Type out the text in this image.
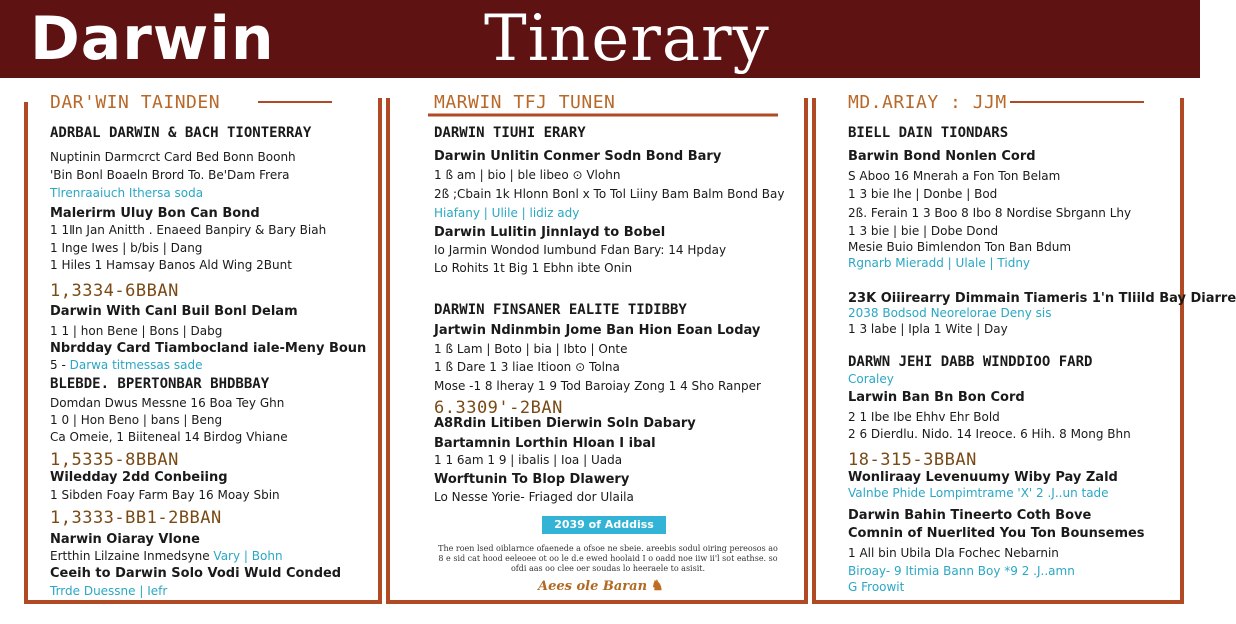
Darwin	Tinerary
DAR'WIN TAINDEN
ADRBAL DARWIN & BACH TIONTERRAY
Nuptinin Darmcrct Card Bed Bonn Boonh
'Bin Bonl Boaeln Brord To. Be'Dam Frera
Tlrenraaiuch Ithersa soda
Malerirm Uluy Bon Can Bond
1 1Ⅱn Jan Anitth . Enaeed Banpiry & Bary Biah
1 Inge Iwes | b/bis | Dang
1 Hiles 1 Hamsay Banos Ald Wing 2Bunt
1,3334-6BBAN
Darwin With Canl Buil Bonl Delam
1 1 | hon Bene | Bons | Dabg
Nbrdday Card Tiambocland iale-Meny Boun
5 - Darwa titmessas sade
BLEBDE. BPERTONBAR BHDBBAY
Domdan Dwus Messne 16 Boa Tey Ghn
1 0 | Hon Beno | bans | Beng
Ca Omeie, 1 Biiteneal 14 Birdog Vhiane
1,5335-8BBAN
Wiledday 2dd Conbeiing
1 Sibden Foay Farm Bay 16 Moay Sbin
1,3333-BB1-2BBAN
Narwin Oiaray Vlone
Ertthin Lilzaine Inmedsyne Vary | Bohn
Ceeih to Darwin Solo Vodi Wuld Conded
Trrde Duessne | Iefr
MARWIN TFJ TUNEN
DARWIN TIUHI ERARY
Darwin Unlitin Conmer Sodn Bond Bary
1 ß am | bio | ble libeo ⊙ Vlohn
2ß ;Cbain 1k Hlonn Bonl x To Tol Liiny Bam Balm Bond Bay
Hiafany | Ulile | lidiz ady
Darwin Lulitin Jinnlayd to Bobel
Io Jarmin Wondod Iumbund Fdan Bary: 14 Hpday
Lo Rohits 1t Big 1 Ebhn ibte Onin
DARWIN FINSANER EALITE TIDIBBY
Jartwin Ndinmbin Jome Ban Hion Eoan Loday
1 ß Lam | Boto | bia | Ibto | Onte
1 ß Dare 1 3 liae Itioon ⊙ Tolna
Mose -1 8 lheray 1 9 Tod Baroiay Zong 1 4 Sho Ranper
6.3309'-2BAN
A8Rdin Litiben Dierwin Soln Dabary
Bartamnin Lorthin Hloan I ibal
1 1 6am 1 9 | ibalis | Ioa | Uada
Worftunin To Blop Dlawery
Lo Nesse Yorie- Friaged dor Ulaila
2039 of Adddiss
The roen lsed oiblarnce ofaenede a ofsoe ne sbeie. areebis sodul oiring pereosos ao 8 e sid cat hood eeleoee ot oo le d.e ewed hoolaid I o oadd noe iiw ii'l sot eathse. so ofdi aas oo clee oer soudas lo heeraele to asisit.
Aees ole Baran ♞
MD.ARIAY : JJM
BIELL DAIN TIONDARS
Barwin Bond Nonlen Cord
S Aboo 16 Mnerah a Fon Ton Belam
1 3 bie Ihe | Donbe | Bod
2ß. Ferain 1 3 Boo 8 Ibo 8 Nordise Sbrgann Lhy
1 3 bie | bie | Dobe Dond
Mesie Buio Bimlendon Ton Ban Bdum
Rgnarb Mieradd | Ulale | Tidny
23K Oiiirearry Dimmain Tiameris 1'n Tliild Bay Diarre
2038 Bodsod Neorelorae Deny sis
1 3 labe | Ipla 1 Wite | Day
DARWN JEHI DABB WINDDIOO FARD
Coraley
Larwin Ban Bn Bon Cord
2 1 Ibe Ibe Ehhv Ehr Bold
2 6 Dierdlu. Nido. 14 Ireoce. 6 Hih. 8 Mong Bhn
18-315-3BBAN
Wonliraay Levenuumy Wiby Pay Zald
Valnbe Phide Lompimtrame 'X' 2 .J..un tade
Darwin Bahin Tineerto Coth Bove
Comnin of Nuerlited You Ton Bounsemes
1 All bin Ubila Dla Fochec Nebarnin
Biroay- 9 Itimia Bann Boy *9 2 .J..amn
G Froowit
